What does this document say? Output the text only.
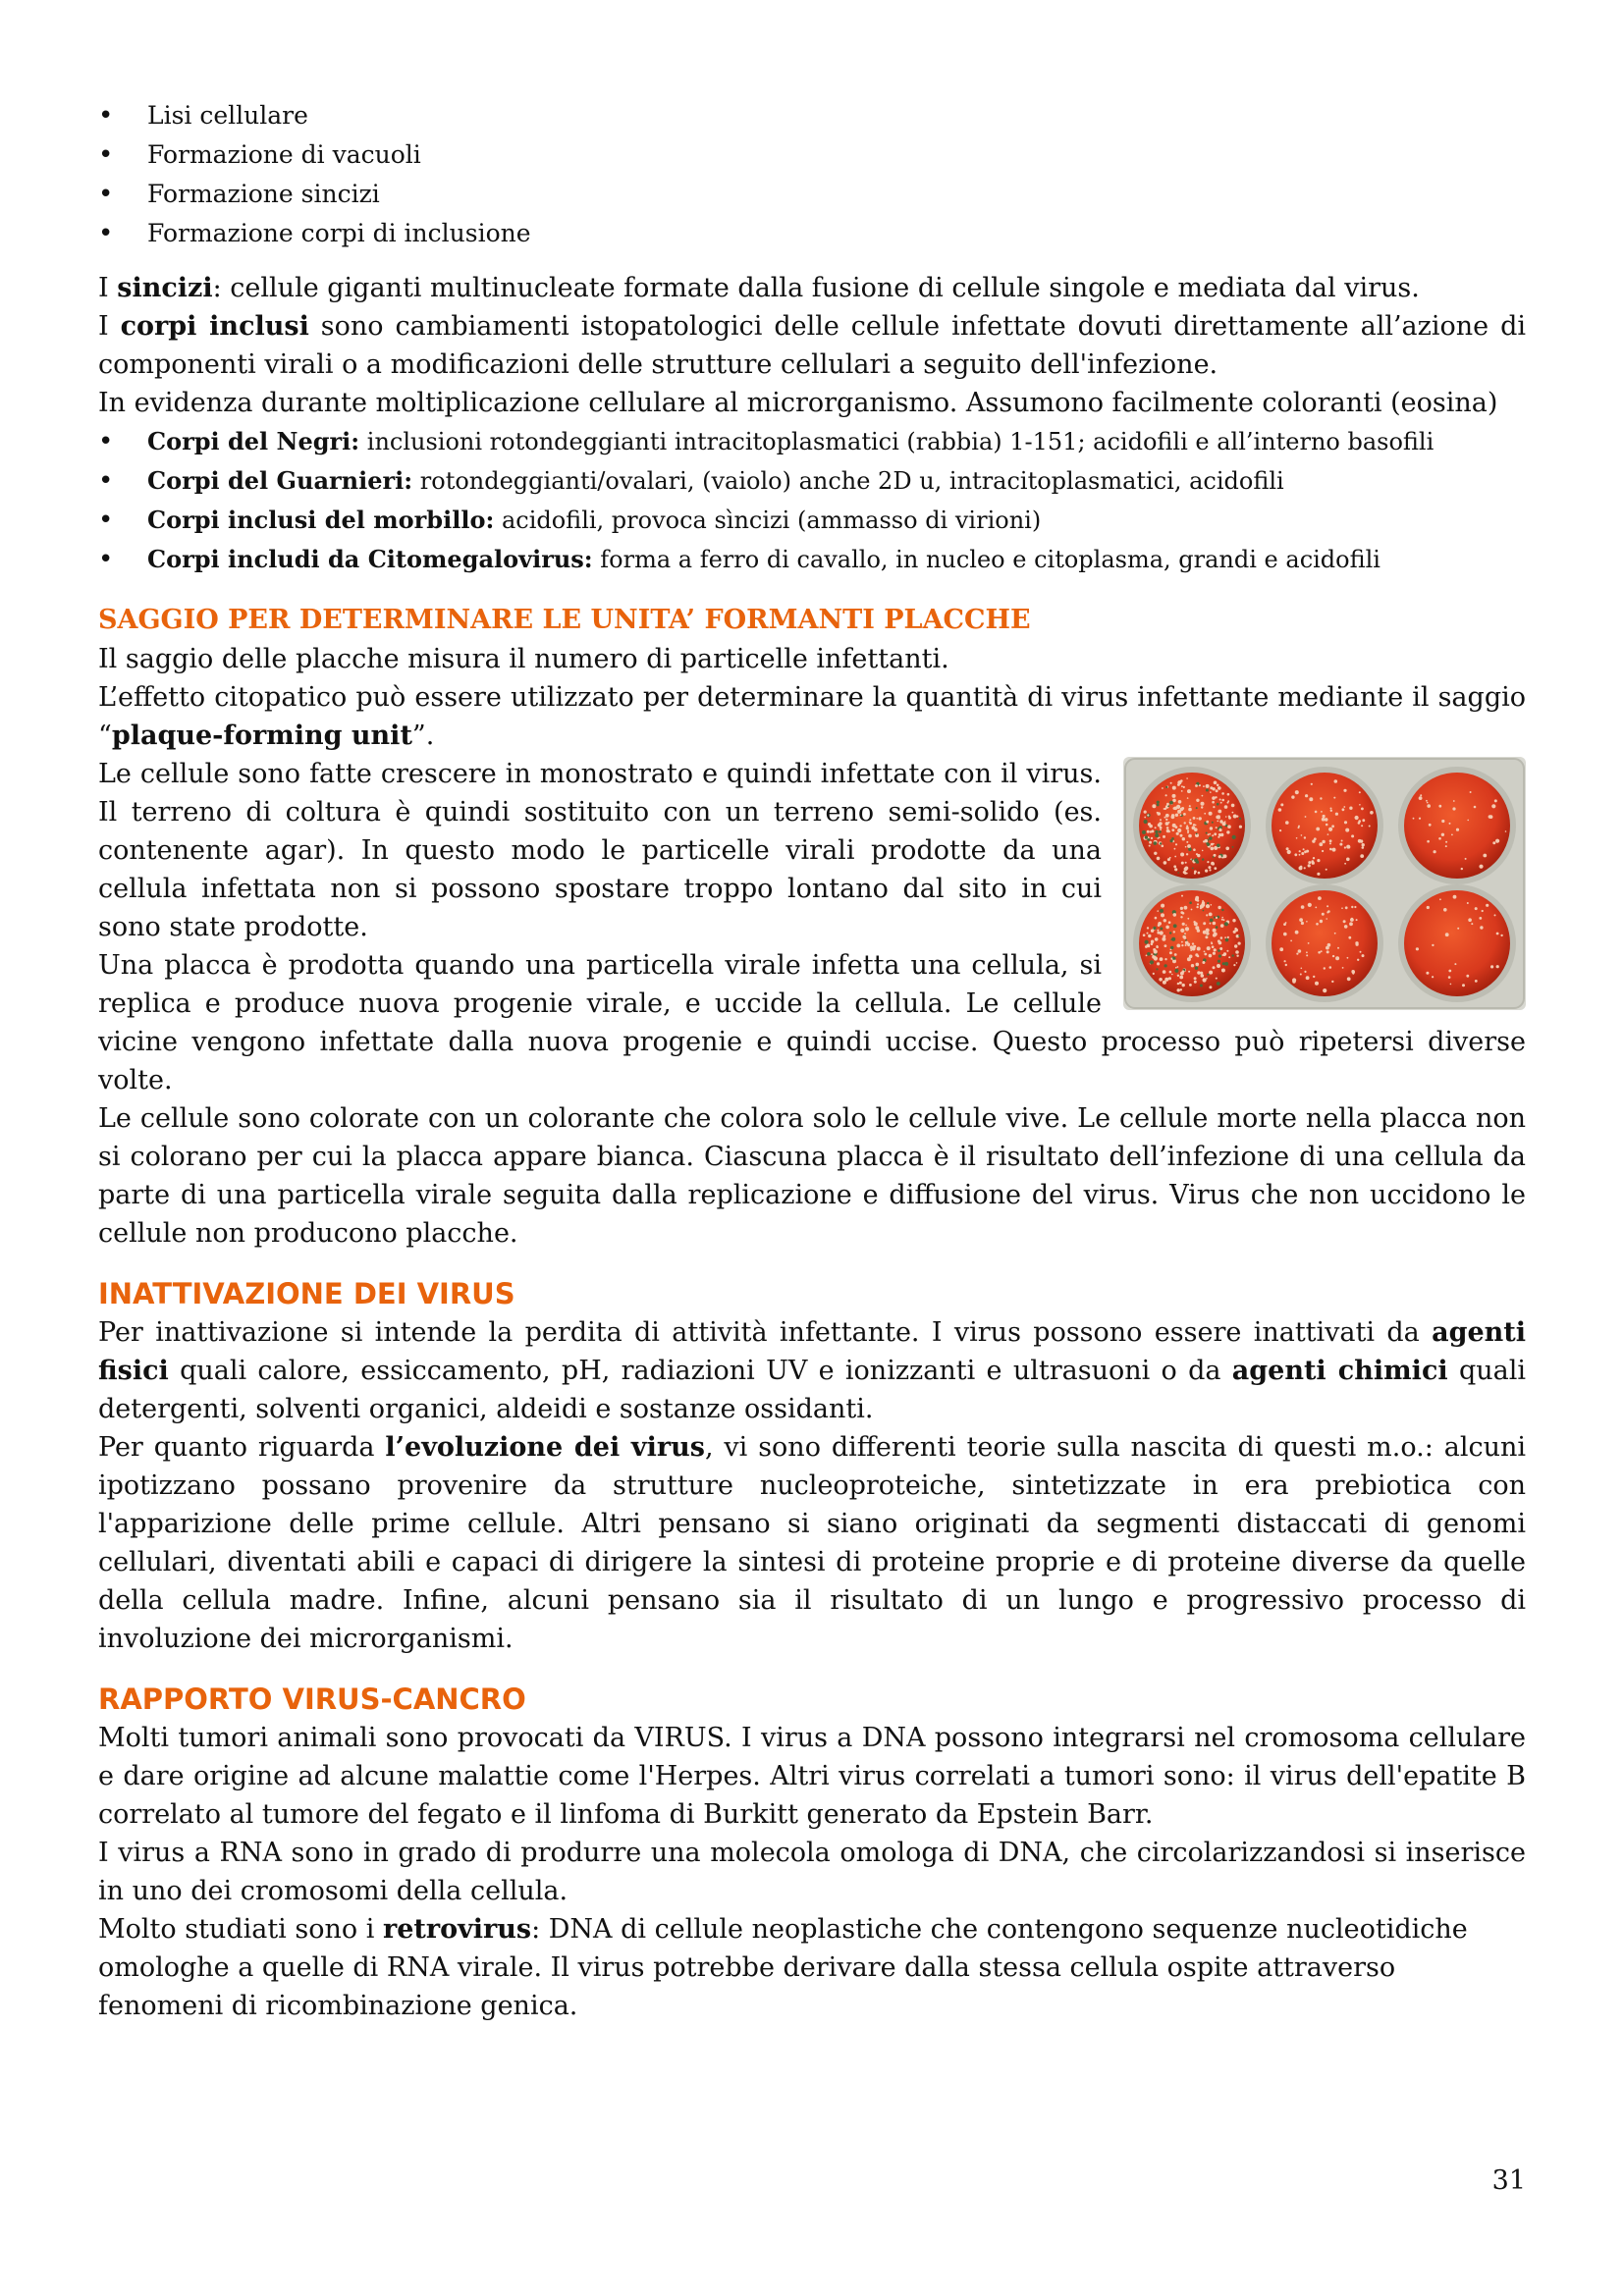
• Lisi cellulare
• Formazione di vacuoli
• Formazione sincizi
• Formazione corpi di inclusione

I sincizi: cellule giganti multinucleate formate dalla fusione di cellule singole e mediata dal virus.

I corpi inclusi sono cambiamenti istopatologici delle cellule infettate dovuti direttamente all’azione di componenti virali o a modificazioni delle strutture cellulari a seguito dell'infezione.

In evidenza durante moltiplicazione cellulare al microrganismo. Assumono facilmente coloranti (eosina)

• Corpi del Negri: inclusioni rotondeggianti intracitoplasmatici (rabbia) 1-151; acidofili e all’interno basofili
• Corpi del Guarnieri: rotondeggianti/ovalari, (vaiolo) anche 2D u, intracitoplasmatici, acidofili
• Corpi inclusi del morbillo: acidofili, provoca sìncizi (ammasso di virioni)
• Corpi includi da Citomegalovirus: forma a ferro di cavallo, in nucleo e citoplasma, grandi e acidofili
SAGGIO PER DETERMINARE LE UNITA’ FORMANTI PLACCHE

Il saggio delle placche misura il numero di particelle infettanti.

L’effetto citopatico può essere utilizzato per determinare la quantità di virus infettante mediante il saggio “plaque-forming unit”.

Le cellule sono fatte crescere in monostrato e quindi infettate con il virus. Il terreno di coltura è quindi sostituito con un terreno semi-solido (es. contenente agar). In questo modo le particelle virali prodotte da una cellula infettata non si possono spostare troppo lontano dal sito in cui sono state prodotte.

Una placca è prodotta quando una particella virale infetta una cellula, si replica e produce nuova progenie virale, e uccide la cellula. Le cellule vicine vengono infettate dalla nuova progenie e quindi uccise. Questo processo può ripetersi diverse volte.

Le cellule sono colorate con un colorante che colora solo le cellule vive. Le cellule morte nella placca non si colorano per cui la placca appare bianca. Ciascuna placca è il risultato dell’infezione di una cellula da parte di una particella virale seguita dalla replicazione e diffusione del virus. Virus che non uccidono le cellule non producono placche.

INATTIVAZIONE DEI VIRUS

Per inattivazione si intende la perdita di attività infettante. I virus possono essere inattivati da agenti fisici quali calore, essiccamento, pH, radiazioni UV e ionizzanti e ultrasuoni o da agenti chimici quali detergenti, solventi organici, aldeidi e sostanze ossidanti.

Per quanto riguarda l’evoluzione dei virus, vi sono differenti teorie sulla nascita di questi m.o.: alcuni ipotizzano possano provenire da strutture nucleoproteiche, sintetizzate in era prebiotica con l'apparizione delle prime cellule. Altri pensano si siano originati da segmenti distaccati di genomi cellulari, diventati abili e capaci di dirigere la sintesi di proteine proprie e di proteine diverse da quelle della cellula madre. Infine, alcuni pensano sia il risultato di un lungo e progressivo processo di involuzione dei microrganismi.

RAPPORTO VIRUS-CANCRO

Molti tumori animali sono provocati da VIRUS. I virus a DNA possono integrarsi nel cromosoma cellulare e dare origine ad alcune malattie come l'Herpes. Altri virus correlati a tumori sono: il virus dell'epatite B correlato al tumore del fegato e il linfoma di Burkitt generato da Epstein Barr.

I virus a RNA sono in grado di produrre una molecola omologa di DNA, che circolarizzandosi si inserisce in uno dei cromosomi della cellula.

Molto studiati sono i retrovirus: DNA di cellule neoplastiche che contengono sequenze nucleotidiche omologhe a quelle di RNA virale. Il virus potrebbe derivare dalla stessa cellula ospite attraverso fenomeni di ricombinazione genica.

31
